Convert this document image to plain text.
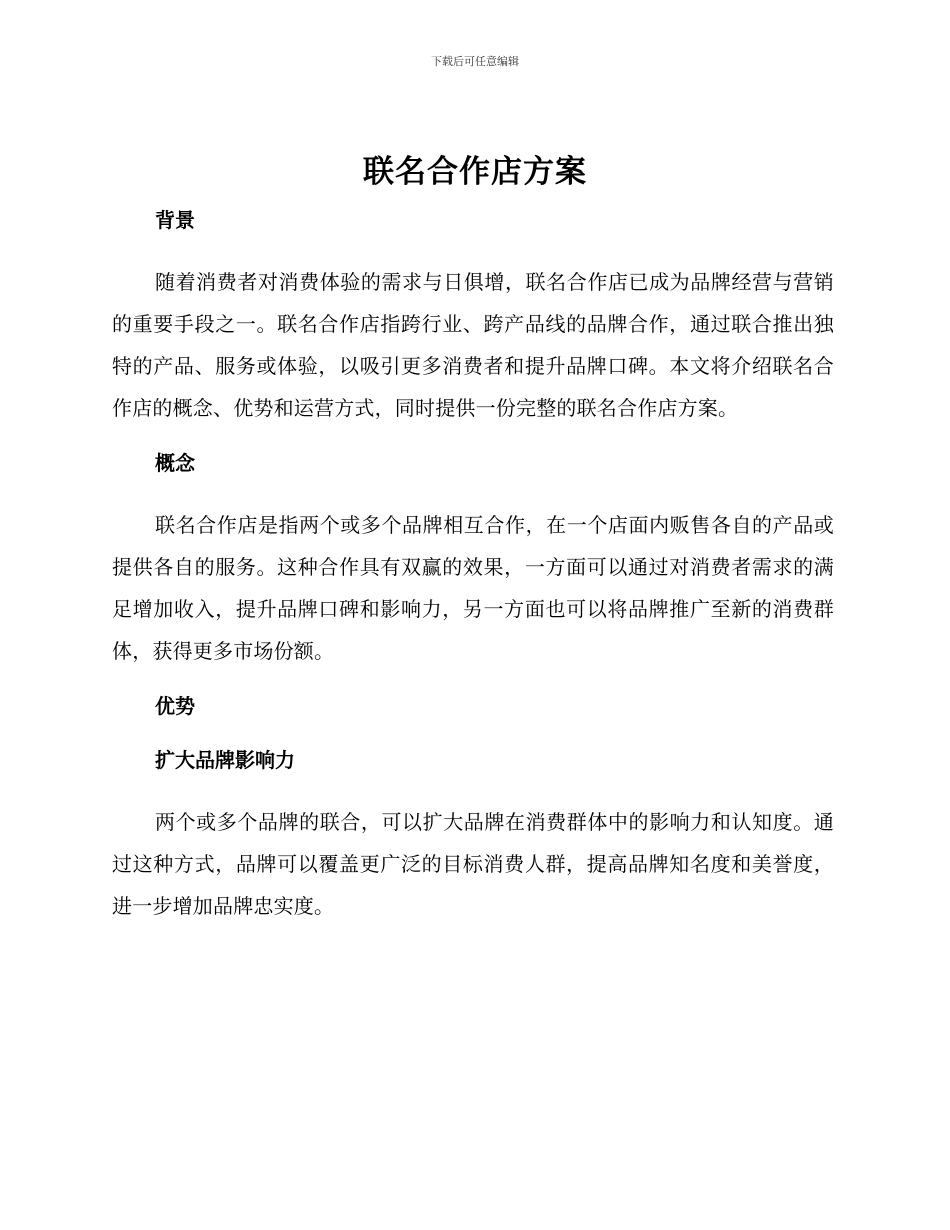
下载后可任意编辑
联名合作店方案
背景

随着消费者对消费体验的需求与日俱增，联名合作店已成为品牌经营与营销的重要手段之一。联名合作店指跨行业、跨产品线的品牌合作，通过联合推出独特的产品、服务或体验，以吸引更多消费者和提升品牌口碑。本文将介绍联名合作店的概念、优势和运营方式，同时提供一份完整的联名合作店方案。

概念

联名合作店是指两个或多个品牌相互合作，在一个店面内贩售各自的产品或提供各自的服务。这种合作具有双赢的效果，一方面可以通过对消费者需求的满足增加收入，提升品牌口碑和影响力，另一方面也可以将品牌推广至新的消费群体，获得更多市场份额。

优势
扩大品牌影响力

两个或多个品牌的联合，可以扩大品牌在消费群体中的影响力和认知度。通过这种方式，品牌可以覆盖更广泛的目标消费人群，提高品牌知名度和美誉度，进一步增加品牌忠实度。
